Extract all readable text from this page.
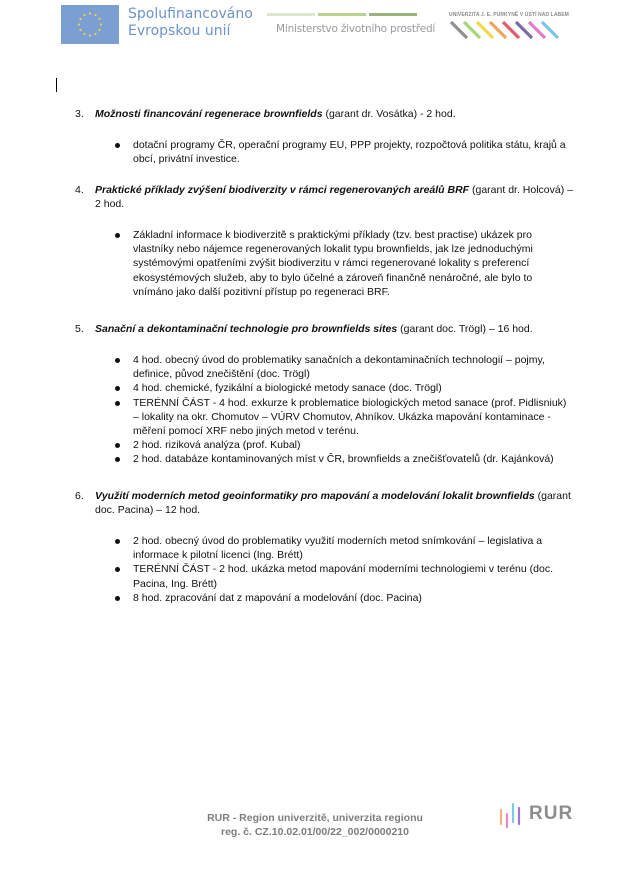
Spolufinancováno
Evropskou unií	Ministerstvo životního prostředí
UNIVERZITA J. E. PURKYNĚ V ÚSTÍ NAD LABEM
3. Možnosti financování regenerace brownfields (garant dr. Vosátka) - 2 hod.
dotační programy ČR, operační programy EU, PPP projekty, rozpočtová politika státu, krajů a obcí, privátní investice.
4. Praktické příklady zvýšení biodiverzity v rámci regenerovaných areálů BRF (garant dr. Holcová) – 2 hod.
Základní informace k biodiverzitě s praktickými příklady (tzv. best practise) ukázek pro vlastníky nebo nájemce regenerovaných lokalit typu brownfields, jak lze jednoduchými systémovými opatřeními zvýšit biodiverzitu v rámci regenerované lokality s preferencí ekosystémových služeb, aby to bylo účelné a zároveň finančně nenáročné, ale bylo to vnímáno jako další pozitivní přístup po regeneraci BRF.
5. Sanační a dekontaminační technologie pro brownfields sites (garant doc. Trögl) – 16 hod.
4 hod. obecný úvod do problematiky sanačních a dekontaminačních technologií – pojmy, definice, původ znečištění (doc. Trögl)
4 hod. chemické, fyzikální a biologické metody sanace (doc. Trögl)
TERÉNNÍ ČÁST - 4 hod. exkurze k problematice biologických metod sanace (prof. Pidlisniuk) – lokality na okr. Chomutov – VÚRV Chomutov, Ahníkov. Ukázka mapování kontaminace - měření pomocí XRF nebo jiných metod v terénu.
2 hod. riziková analýza (prof. Kubal)
2 hod. databáze kontaminovaných míst v ČR, brownfields a znečišťovatelů (dr. Kajánková)
6. Využití moderních metod geoinformatiky pro mapování a modelování lokalit brownfields (garant doc. Pacina) – 12 hod.
2 hod. obecný úvod do problematiky využití moderních metod snímkování – legislativa a informace k pilotní licenci (Ing. Brétt)
TERÉNNÍ ČÁST - 2 hod. ukázka metod mapování moderními technologiemi v terénu (doc. Pacina, Ing. Brétt)
8 hod. zpracování dat z mapování a modelování (doc. Pacina)
RUR - Region univerzitě, univerzita regionu
reg. č. CZ.10.02.01/00/22_002/0000210
RUR
